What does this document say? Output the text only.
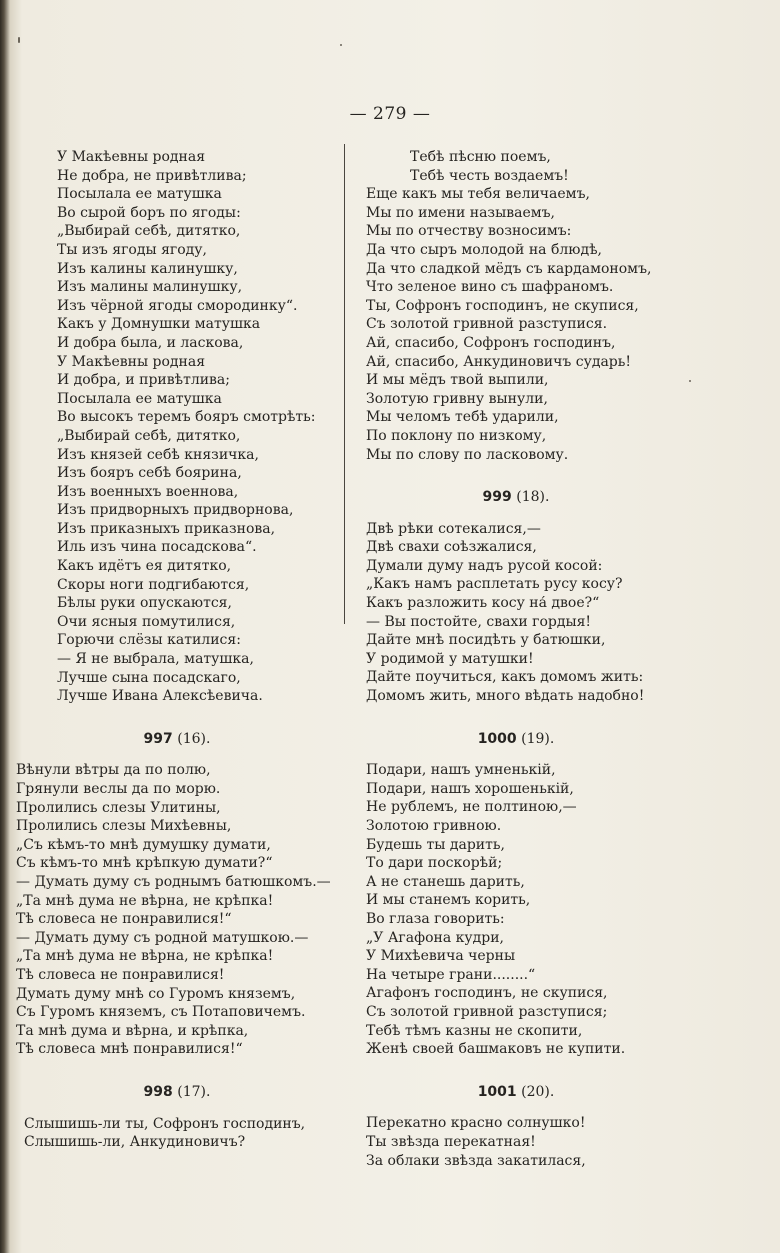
— 279 —
У Макѣевны родная
Не добра, не привѣтлива;
Посылала ее матушка
Во сырой боръ по ягоды:
„Выбирай себѣ, дитятко,
Ты изъ ягоды ягоду,
Изъ калины калинушку,
Изъ малины малинушку,
Изъ чёрной ягоды смородинку“.
Какъ у Домнушки матушка
И добра была, и ласкова,
У Макѣевны родная
И добра, и привѣтлива;
Посылала ее матушка
Во высокъ теремъ бояръ смотрѣть:
„Выбирай себѣ, дитятко,
Изъ князей себѣ князичка,
Изъ бояръ себѣ боярина,
Изъ военныхъ военнова,
Изъ придворныхъ придворнова,
Изъ приказныхъ приказнова,
Иль изъ чина посадскова“.
Какъ идётъ ея дитятко,
Скоры ноги подгибаются,
Бѣлы руки опускаются,
Очи ясныя помутилися,
Горючи слёзы катилися:
— Я не выбрала, матушка,
Лучше сына посадскаго,
Лучше Ивана Алексѣевича.
997 (16).
Вѣнули вѣтры да по полю,
Грянули веслы да по морю.
Пролились слезы Улитины,
Пролились слезы Михѣевны,
„Съ кѣмъ-то мнѣ думушку думати,
Съ кѣмъ-то мнѣ крѣпкую думати?“
— Думать думу съ роднымъ батюшкомъ.—
„Та мнѣ дума не вѣрна, не крѣпка!
Тѣ словеса не понравилися!“
— Думать думу съ родной матушкою.—
„Та мнѣ дума не вѣрна, не крѣпка!
Тѣ словеса не понравилися!
Думать думу мнѣ со Гуромъ княземъ,
Съ Гуромъ княземъ, съ Потаповичемъ.
Та мнѣ дума и вѣрна, и крѣпка,
Тѣ словеса мнѣ понравилися!“
998 (17).
Слышишь-ли ты, Софронъ господинъ,
Слышишь-ли, Анкудиновичъ?
Тебѣ пѣсню поемъ,
Тебѣ честь воздаемъ!
Еще какъ мы тебя величаемъ,
Мы по имени называемъ,
Мы по отчеству возносимъ:
Да что сыръ молодой на блюдѣ,
Да что сладкой мёдъ съ кардамономъ,
Что зеленое вино съ шафраномъ.
Ты, Софронъ господинъ, не скупися,
Съ золотой гривной разступися.
Ай, спасибо, Софронъ господинъ,
Ай, спасибо, Анкудиновичъ сударь!
И мы мёдъ твой выпили,
Золотую гривну вынули,
Мы челомъ тебѣ ударили,
По поклону по низкому,
Мы по слову по ласковому.
999 (18).
Двѣ рѣки сотекалися,—
Двѣ свахи соѣзжалися,
Думали думу надъ русой косой:
„Какъ намъ расплетать русу косу?
Какъ разложить косу на́ двое?“
— Вы постойте, свахи гордыя!
Дайте мнѣ посидѣть у батюшки,
У родимой у матушки!
Дайте поучиться, какъ домомъ жить:
Домомъ жить, много вѣдать надобно!
1000 (19).
Подари, нашъ умненькій,
Подари, нашъ хорошенькій,
Не рублемъ, не полтиною,—
Золотою гривною.
Будешь ты дарить,
То дари поскорѣй;
А не станешь дарить,
И мы станемъ корить,
Во глаза говорить:
„У Агафона кудри,
У Михѣевича черны
На четыре грани........“
Агафонъ господинъ, не скупися,
Съ золотой гривной разступися;
Тебѣ тѣмъ казны не скопити,
Женѣ своей башмаковъ не купити.
1001 (20).
Перекатно красно солнушко!
Ты звѣзда перекатная!
За облаки звѣзда закатилася,
